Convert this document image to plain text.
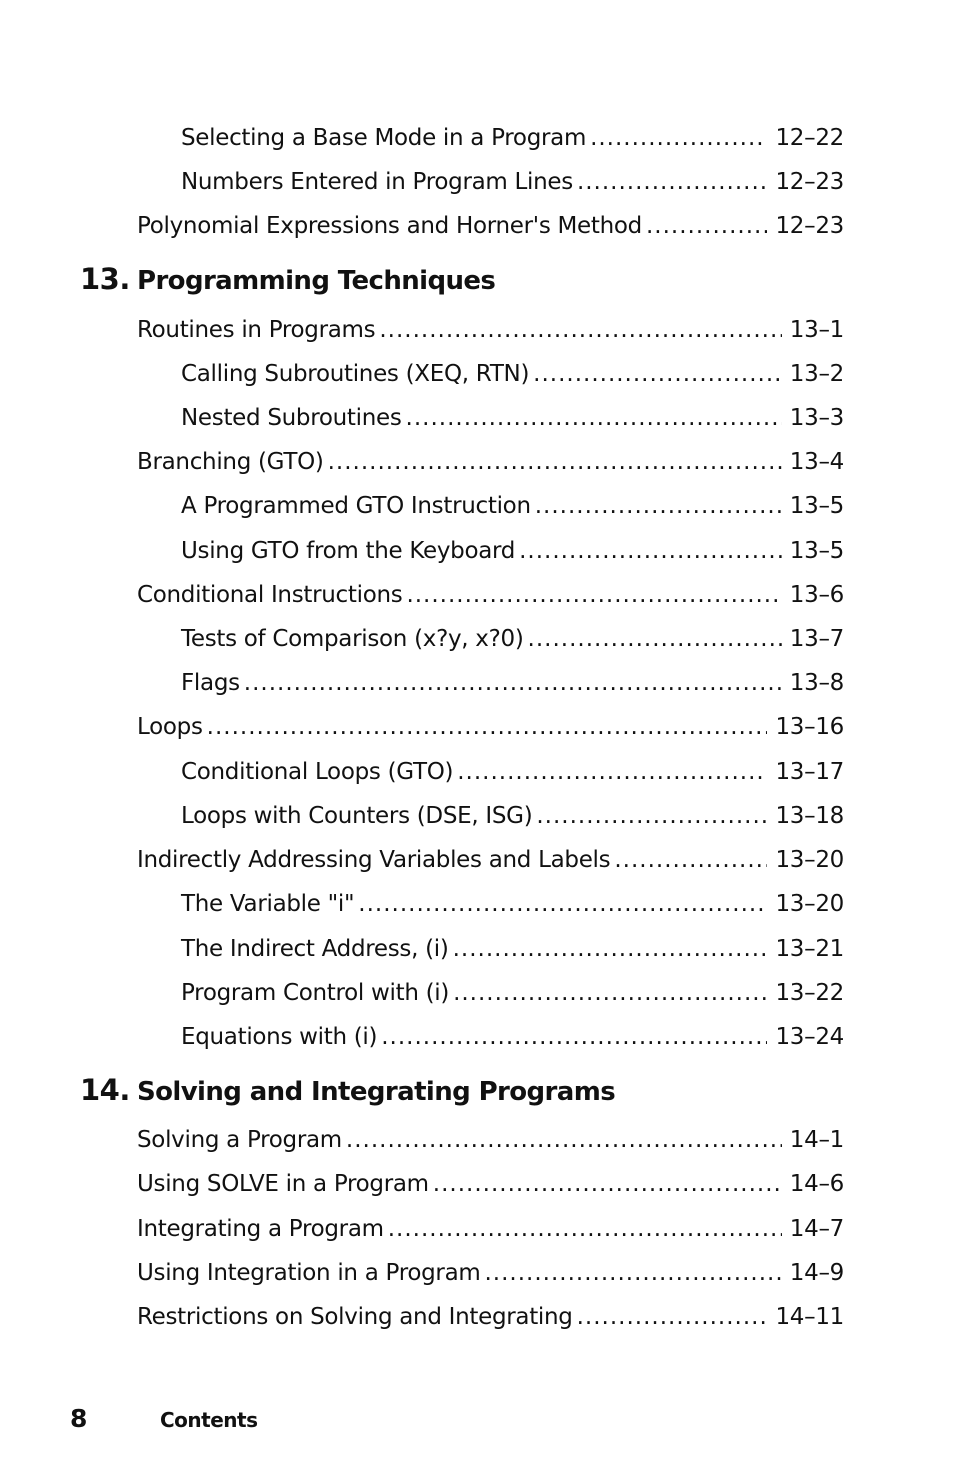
Selecting a Base Mode in a Program .....	12–22
Numbers Entered in Program Lines .....	12–23
Polynomial Expressions and Horner's Method .....	12–23
13. Programming Techniques
Routines in Programs .....	13–1
Calling Subroutines (XEQ, RTN) .....	13–2
Nested Subroutines .....	13–3
Branching (GTO) .....	13–4
A Programmed GTO Instruction .....	13–5
Using GTO from the Keyboard .....	13–5
Conditional Instructions .....	13–6
Tests of Comparison (x?y, x?0) .....	13–7
Flags .....	13–8
Loops .....	13–16
Conditional Loops (GTO) .....	13–17
Loops with Counters (DSE, ISG) .....	13–18
Indirectly Addressing Variables and Labels .....	13–20
The Variable "i" .....	13–20
The Indirect Address, (i) .....	13–21
Program Control with (i) .....	13–22
Equations with (i) .....	13–24
14. Solving and Integrating Programs
Solving a Program .....	14–1
Using SOLVE in a Program .....	14–6
Integrating a Program .....	14–7
Using Integration in a Program .....	14–9
Restrictions on Solving and Integrating .....	14–11
8	Contents
